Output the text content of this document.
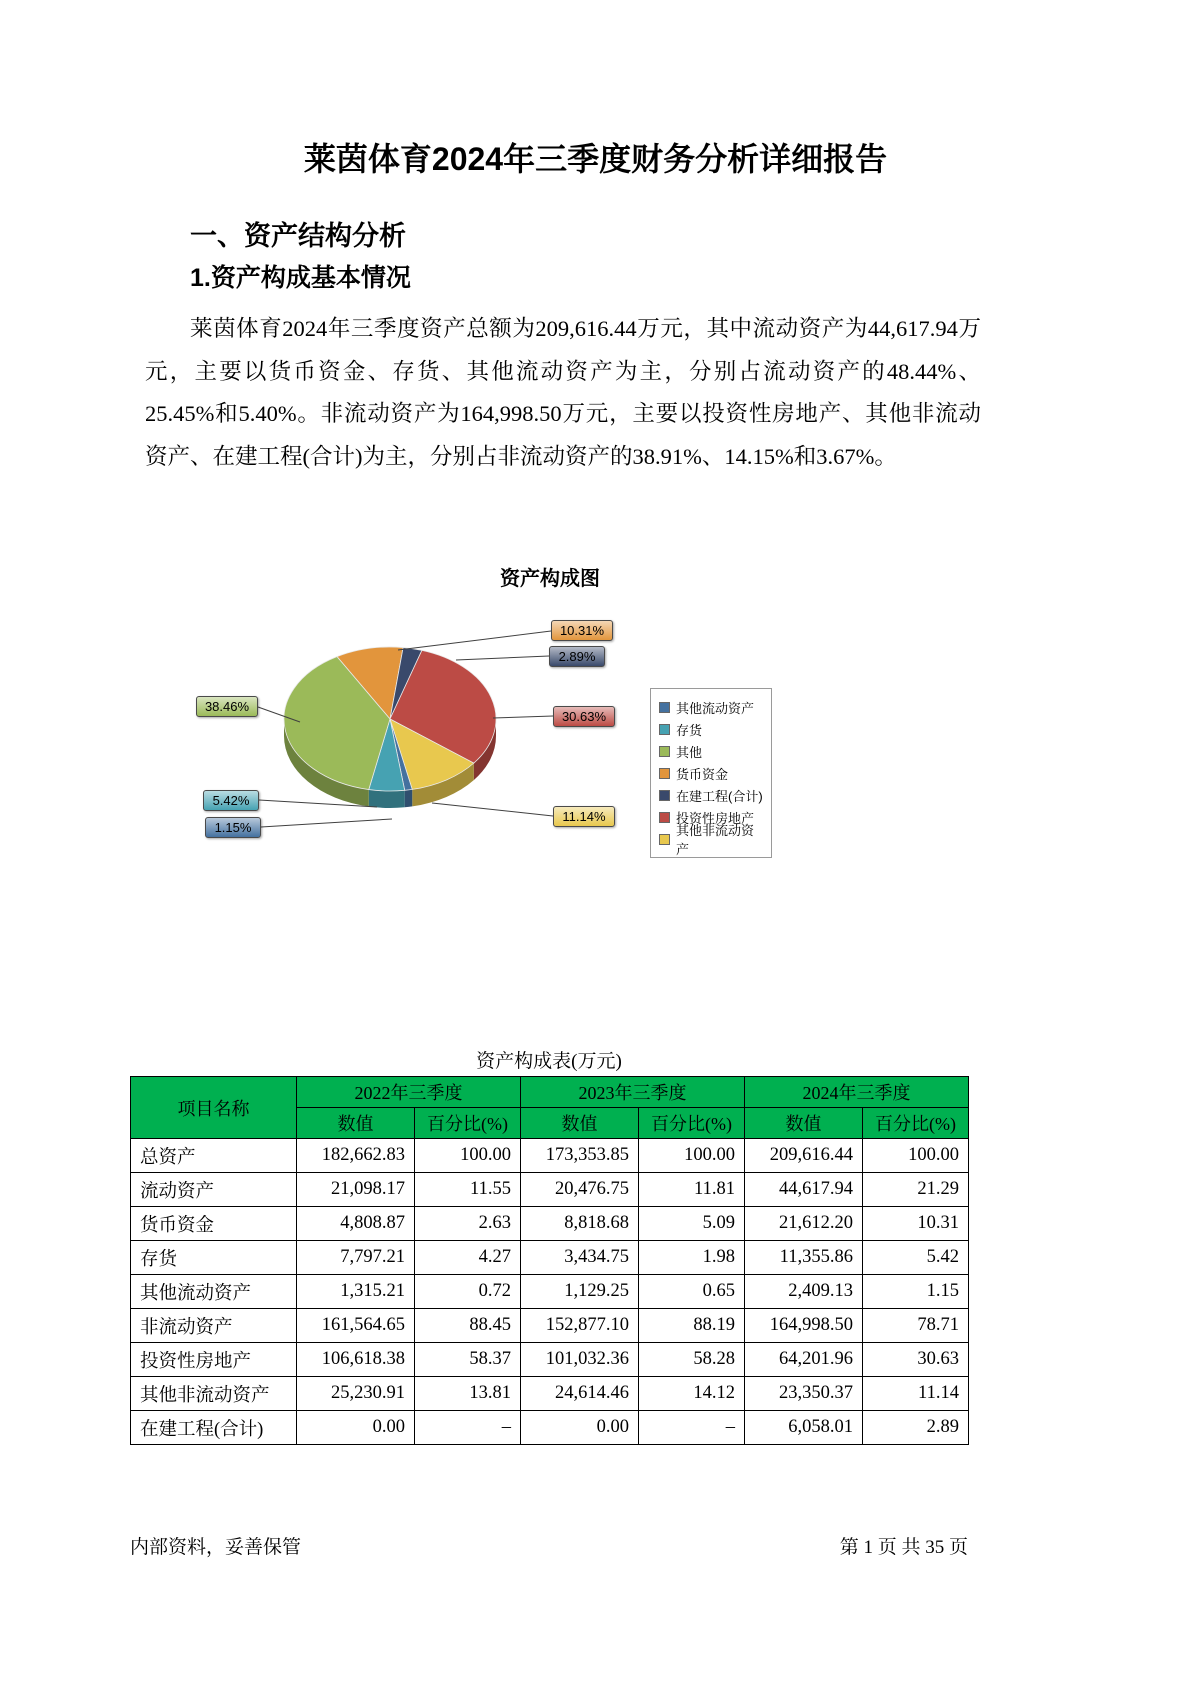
莱茵体育2024年三季度财务分析详细报告
一、资产结构分析
1.资产构成基本情况

莱茵体育2024年三季度资产总额为209,616.44万元，其中流动资产为44,617.94万元，主要以货币资金、存货、其他流动资产为主，分别占流动资产的48.44%、25.45%和5.40%。非流动资产为164,998.50万元，主要以投资性房地产、其他非流动资产、在建工程(合计)为主，分别占非流动资产的38.91%、14.15%和3.67%。

资产构成图
10.31%
2.89%
30.63%
11.14%
1.15%
5.42%
38.46%	其他流动资产
存货
其他
货币资金
在建工程(合计)
投资性房地产
其他非流动资产
资产构成表(万元)
项目名称	2022年三季度		2023年三季度		2024年三季度	
	数值	百分比(%)	数值	百分比(%)	数值	百分比(%)
总资产	182,662.83	100.00	173,353.85	100.00	209,616.44	100.00
流动资产	21,098.17	11.55	20,476.75	11.81	44,617.94	21.29
货币资金	4,808.87	2.63	8,818.68	5.09	21,612.20	10.31
存货	7,797.21	4.27	3,434.75	1.98	11,355.86	5.42
其他流动资产	1,315.21	0.72	1,129.25	0.65	2,409.13	1.15
非流动资产	161,564.65	88.45	152,877.10	88.19	164,998.50	78.71
投资性房地产	106,618.38	58.37	101,032.36	58.28	64,201.96	30.63
其他非流动资产	25,230.91	13.81	24,614.46	14.12	23,350.37	11.14
在建工程(合计)	0.00	–	0.00	–	6,058.01	2.89
内部资料，妥善保管	第 1 页 共 35 页
